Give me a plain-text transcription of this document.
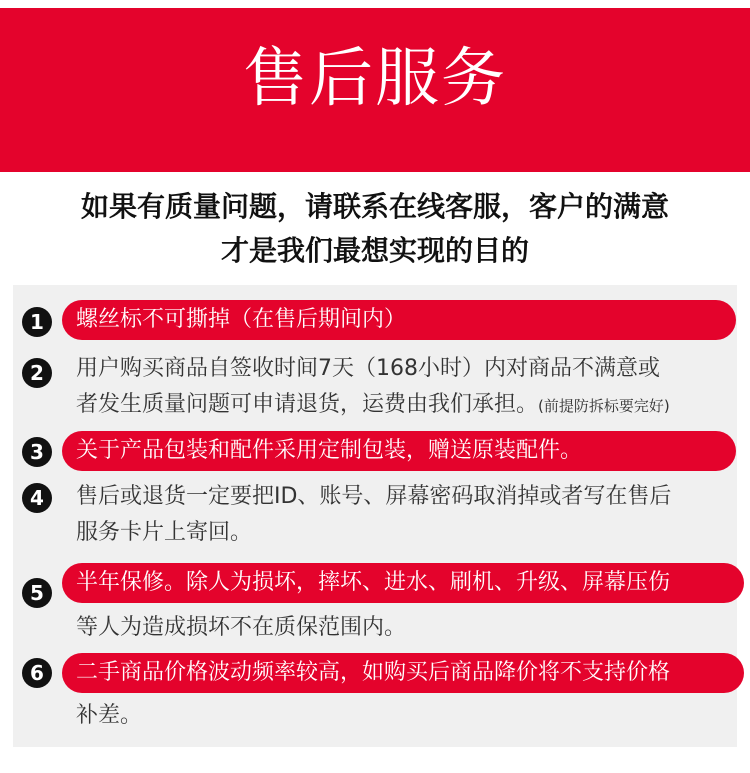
售后服务
如果有质量问题，请联系在线客服，客户的满意
才是我们最想实现的目的
1	螺丝标不可撕掉（在售后期间内）
2	用户购买商品自签收时间7天（168小时）内对商品不满意或
者发生质量问题可申请退货，运费由我们承担。(前提防拆标要完好)
3	关于产品包装和配件采用定制包装，赠送原装配件。
4	售后或退货一定要把ID、账号、屏幕密码取消掉或者写在售后
服务卡片上寄回。
5	半年保修。除人为损坏，摔坏、进水、刷机、升级、屏幕压伤
等人为造成损坏不在质保范围内。
6	二手商品价格波动频率较高，如购买后商品降价将不支持价格
补差。
